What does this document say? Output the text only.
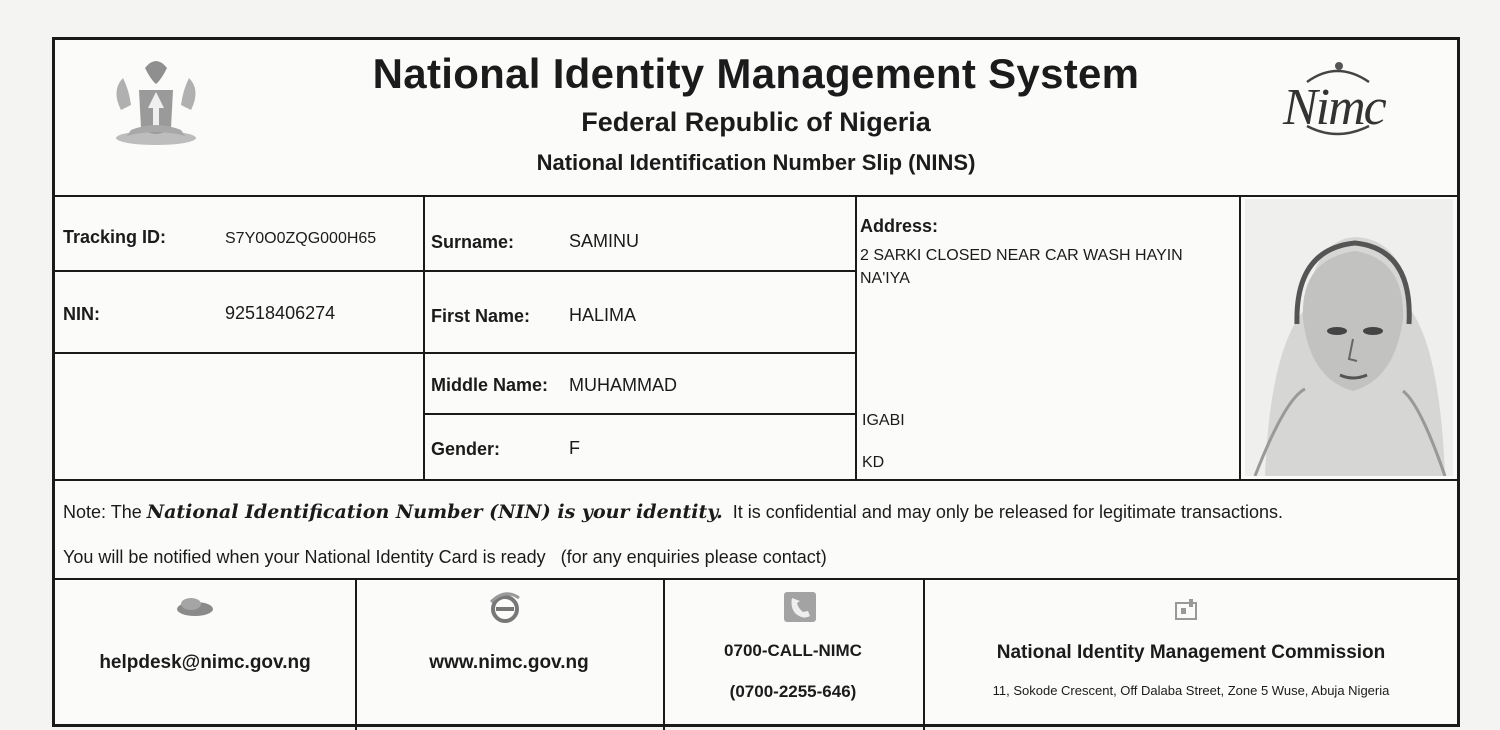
National Identity Management System
Federal Republic of Nigeria
National Identification Number Slip (NINS)
Nimc
Tracking ID:	S7Y0O0ZQG000H65
NIN:	92518406274
Surname:	SAMINU
First Name: HALIMA
Middle Name: MUHAMMAD
Gender:	F
Address:
2 SARKI CLOSED NEAR CAR WASH HAYIN
NA'IYA
IGABI
KD
Note: The National Identification Number (NIN) is your identity. It is confidential and may only be released for legitimate transactions.
You will be notified when your National Identity Card is ready   (for any enquiries please contact)
helpdesk@nimc.gov.ng	www.nimc.gov.ng
0700-CALL-NIMC
(0700-2255-646)
National Identity Management Commission
11, Sokode Crescent, Off Dalaba Street, Zone 5 Wuse, Abuja Nigeria
